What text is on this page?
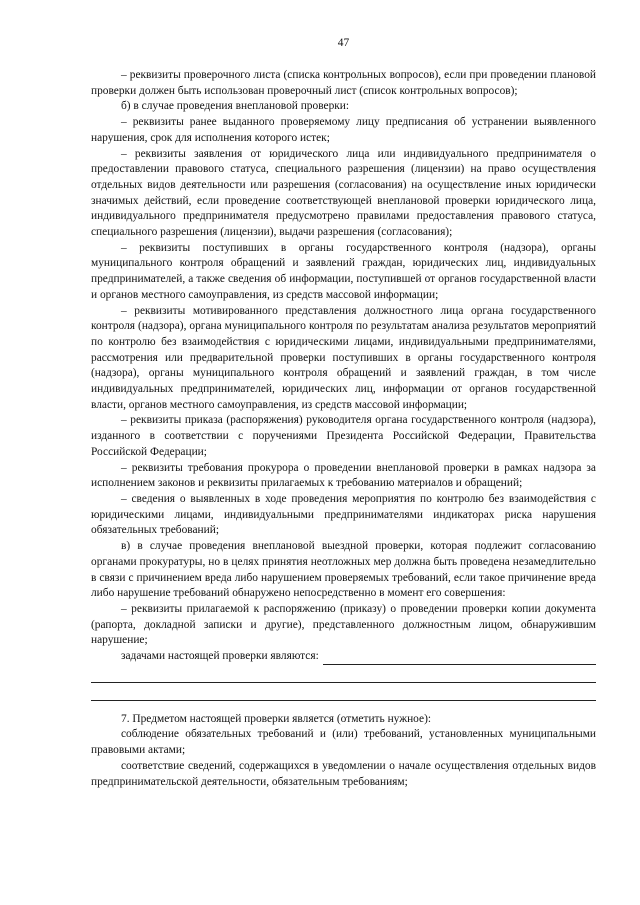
47

– реквизиты проверочного листа (списка контрольных вопросов), если при проведении плановой проверки должен быть использован проверочный лист (список контрольных вопросов);

б) в случае проведения внеплановой проверки:

– реквизиты ранее выданного проверяемому лицу предписания об устранении выявленного нарушения, срок для исполнения которого истек;

– реквизиты заявления от юридического лица или индивидуального предпринимателя о предоставлении правового статуса, специального разрешения (лицензии) на право осуществления отдельных видов деятельности или разрешения (согласования) на осуществление иных юридически значимых действий, если проведение соответствующей внеплановой проверки юридического лица, индивидуального предпринимателя предусмотрено правилами предоставления правового статуса, специального разрешения (лицензии), выдачи разрешения (согласования);

– реквизиты поступивших в органы государственного контроля (надзора), органы муниципального контроля обращений и заявлений граждан, юридических лиц, индивидуальных предпринимателей, а также сведения об информации, поступившей от органов государственной власти и органов местного самоуправления, из средств массовой информации;

– реквизиты мотивированного представления должностного лица органа государственного контроля (надзора), органа муниципального контроля по результатам анализа результатов мероприятий по контролю без взаимодействия с юридическими лицами, индивидуальными предпринимателями, рассмотрения или предварительной проверки поступивших в органы государственного контроля (надзора), органы муниципального контроля обращений и заявлений граждан, в том числе индивидуальных предпринимателей, юридических лиц, информации от органов государственной власти, органов местного самоуправления, из средств массовой информации;

– реквизиты приказа (распоряжения) руководителя органа государственного контроля (надзора), изданного в соответствии с поручениями Президента Российской Федерации, Правительства Российской Федерации;

– реквизиты требования прокурора о проведении внеплановой проверки в рамках надзора за исполнением законов и реквизиты прилагаемых к требованию материалов и обращений;

– сведения о выявленных в ходе проведения мероприятия по контролю без взаимодействия с юридическими лицами, индивидуальными предпринимателями индикаторах риска нарушения обязательных требований;

в) в случае проведения внеплановой выездной проверки, которая подлежит согласованию органами прокуратуры, но в целях принятия неотложных мер должна быть проведена незамедлительно в связи с причинением вреда либо нарушением проверяемых требований, если такое причинение вреда либо нарушение требований обнаружено непосредственно в момент его совершения:

– реквизиты прилагаемой к распоряжению (приказу) о проведении проверки копии документа (рапорта, докладной записки и другие), представленного должностным лицом, обнаружившим нарушение;

задачами настоящей проверки являются:

7. Предметом настоящей проверки является (отметить нужное):

соблюдение обязательных требований и (или) требований, установленных муниципальными правовыми актами;

соответствие сведений, содержащихся в уведомлении о начале осуществления отдельных видов предпринимательской деятельности, обязательным требованиям;
